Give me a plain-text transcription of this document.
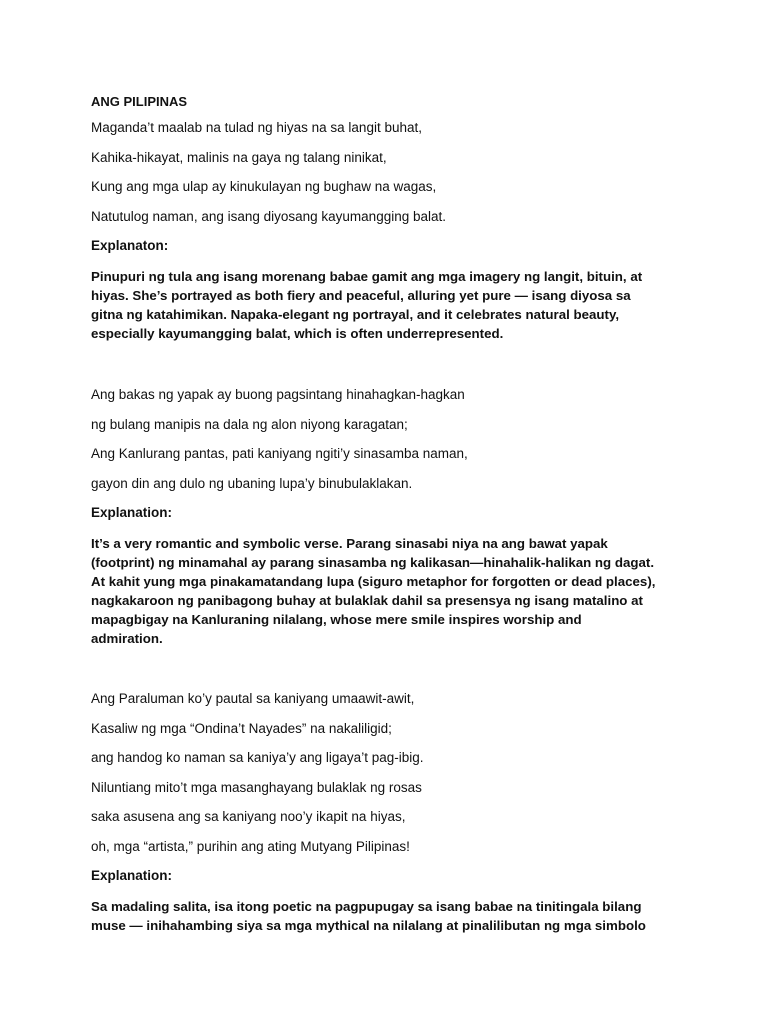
ANG PILIPINAS
Maganda’t maalab na tulad ng hiyas na sa langit buhat,
Kahika-hikayat, malinis na gaya ng talang ninikat,
Kung ang mga ulap ay kinukulayan ng bughaw na wagas,
Natutulog naman, ang isang diyosang kayumangging balat.
Explanaton:
Pinupuri ng tula ang isang morenang babae gamit ang mga imagery ng langit, bituin, at
hiyas. She’s portrayed as both fiery and peaceful, alluring yet pure — isang diyosa sa
gitna ng katahimikan. Napaka-elegant ng portrayal, and it celebrates natural beauty,
especially kayumangging balat, which is often underrepresented.
Ang bakas ng yapak ay buong pagsintang hinahagkan-hagkan
ng bulang manipis na dala ng alon niyong karagatan;
Ang Kanlurang pantas, pati kaniyang ngiti’y sinasamba naman,
gayon din ang dulo ng ubaning lupa’y binubulaklakan.
Explanation:
It’s a very romantic and symbolic verse. Parang sinasabi niya na ang bawat yapak
(footprint) ng minamahal ay parang sinasamba ng kalikasan—hinahalik-halikan ng dagat.
At kahit yung mga pinakamatandang lupa (siguro metaphor for forgotten or dead places),
nagkakaroon ng panibagong buhay at bulaklak dahil sa presensya ng isang matalino at
mapagbigay na Kanluraning nilalang, whose mere smile inspires worship and
admiration.
Ang Paraluman ko’y pautal sa kaniyang umaawit-awit,
Kasaliw ng mga “Ondina’t Nayades” na nakaliligid;
ang handog ko naman sa kaniya’y ang ligaya’t pag-ibig.
Niluntiang mito’t mga masanghayang bulaklak ng rosas
saka asusena ang sa kaniyang noo’y ikapit na hiyas,
oh, mga “artista,” purihin ang ating Mutyang Pilipinas!
Explanation:
Sa madaling salita, isa itong poetic na pagpupugay sa isang babae na tinitingala bilang
muse — inihahambing siya sa mga mythical na nilalang at pinalilibutan ng mga simbolo
